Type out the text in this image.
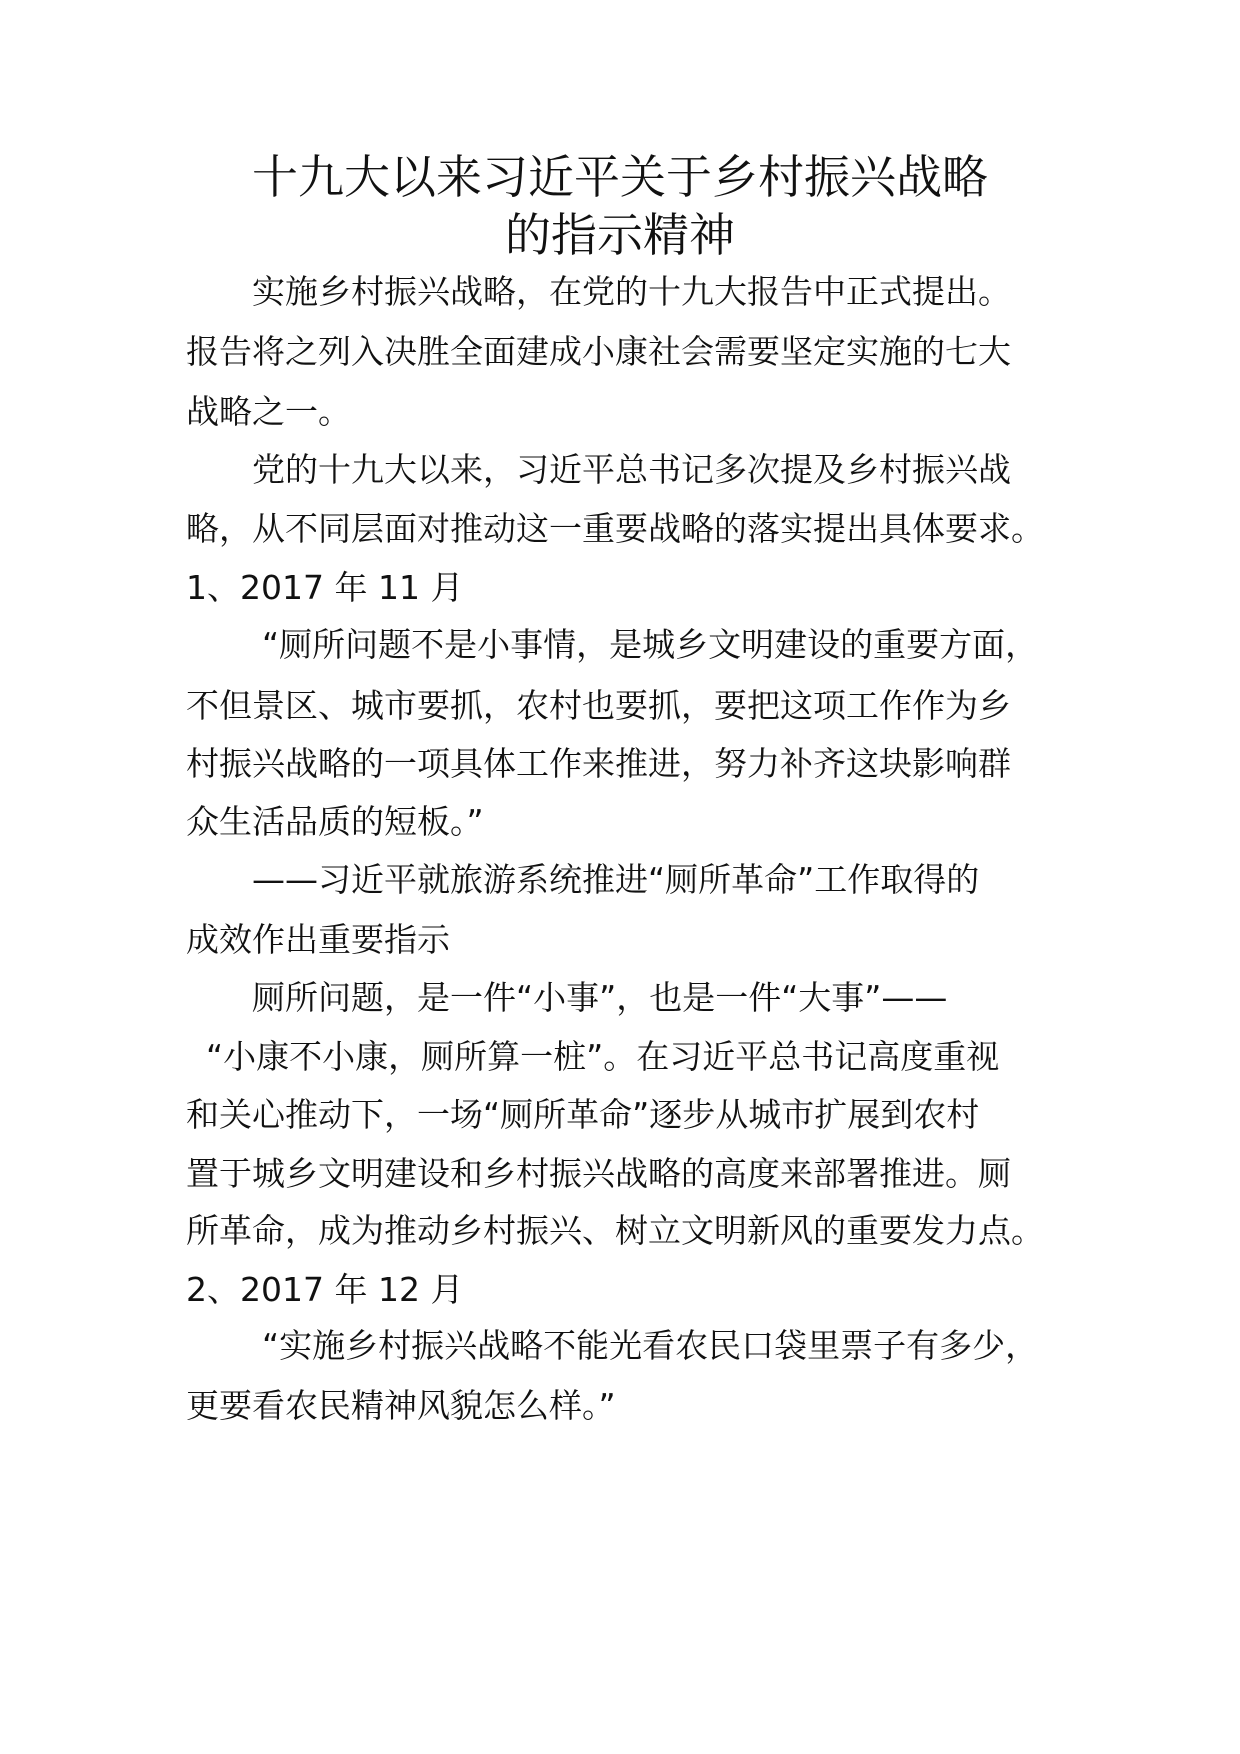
十九大以来习近平关于乡村振兴战略
的指示精神
实施乡村振兴战略，在党的十九大报告中正式提出。
报告将之列入决胜全面建成小康社会需要坚定实施的七大
战略之一。
党的十九大以来，习近平总书记多次提及乡村振兴战
略，从不同层面对推动这一重要战略的落实提出具体要求。
1、2017 年 11 月
“厕所问题不是小事情，是城乡文明建设的重要方面，
不但景区、城市要抓，农村也要抓，要把这项工作作为乡
村振兴战略的一项具体工作来推进，努力补齐这块影响群
众生活品质的短板。”
——习近平就旅游系统推进“厕所革命”工作取得的
成效作出重要指示
厕所问题，是一件“小事”，也是一件“大事”——
“小康不小康，厕所算一桩”。在习近平总书记高度重视
和关心推动下，一场“厕所革命”逐步从城市扩展到农村
置于城乡文明建设和乡村振兴战略的高度来部署推进。厕
所革命，成为推动乡村振兴、树立文明新风的重要发力点。
2、2017 年 12 月
“实施乡村振兴战略不能光看农民口袋里票子有多少，
更要看农民精神风貌怎么样。”
